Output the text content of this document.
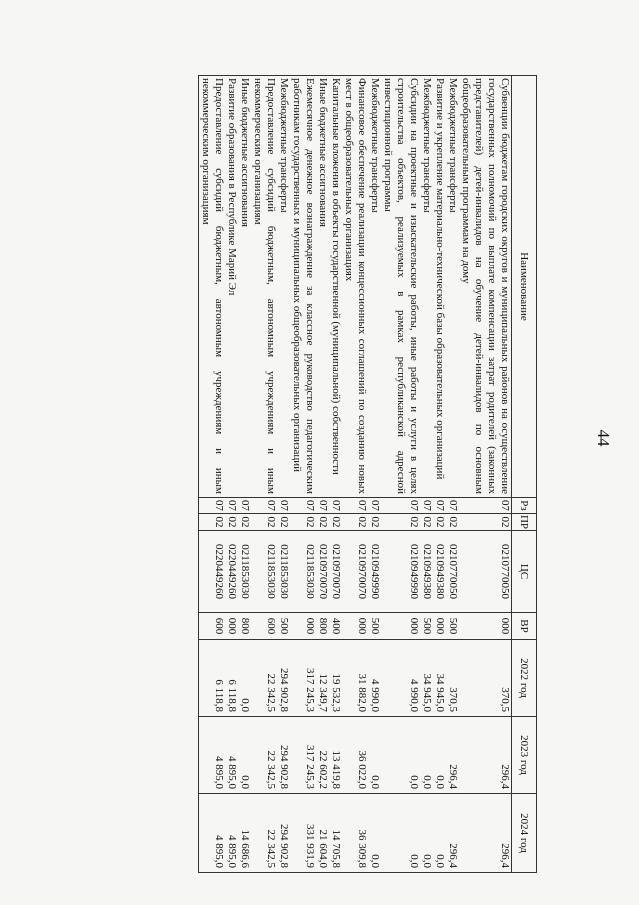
44
Наименование	Рз	ПР	ЦС	ВР	2022 год	2023 год	2024 год
Субвенции бюджетам городских округов и муниципальных районов на осуществление государственных полномочий по выплате компенсации затрат родителей (законных представителей) детей-инвалидов на обучение детей-инвалидов по основным общеобразовательным программам на дому	07	02	0210770050	000	370,5	296,4	296,4
Межбюджетные трансферты	07	02	0210770050	500	370,5	296,4	296,4
Развитие и укрепление материально-технической базы образовательных организаций	07	02	0210949380	000	34 945,0	0,0	0,0
Межбюджетные трансферты	07	02	0210949380	500	34 945,0	0,0	0,0
Субсидии на проектные и изыскательские работы, иные работы и услуги в целях строительства объектов, реализуемых в рамках республиканской адресной инвестиционной программы	07	02	0210949990	000	4 990,0	0,0	0,0
Межбюджетные трансферты	07	02	0210949990	500	4 990,0	0,0	0,0
Финансовое обеспечение реализации концессионных соглашений по созданию новых мест в общеобразовательных организациях	07	02	0210970070	000	31 882,0	36 022,0	36 309,8
Капитальные вложения в объекты государственной (муниципальной) собственности	07	02	0210970070	400	19 532,3	13 419,8	14 705,8
Иные бюджетные ассигнования	07	02	0210970070	800	12 349,7	22 602,2	21 604,0
Ежемесячное денежное вознаграждение за классное руководство педагогическим работникам государственных и муниципальных общеобразовательных организаций	07	02	0211853030	000	317 245,3	317 245,3	331 931,9
Межбюджетные трансферты	07	02	0211853030	500	294 902,8	294 902,8	294 902,8
Предоставление субсидий бюджетным, автономным учреждениям и иным некоммерческим организациям	07	02	0211853030	600	22 342,5	22 342,5	22 342,5
Иные бюджетные ассигнования	07	02	0211853030	800	0,0	0,0	14 686,6
Развитие образования в Республике Марий Эл	07	02	0220449260	000	6 118,8	4 895,0	4 895,0
Предоставление субсидий бюджетным, автономным учреждениям и иным некоммерческим организациям	07	02	0220449260	600	6 118,8	4 895,0	4 895,0
